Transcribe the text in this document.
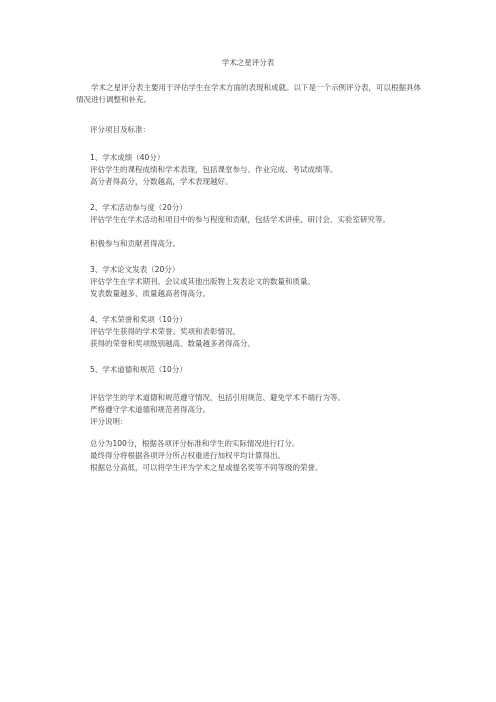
学术之星评分表
学术之星评分表主要用于评估学生在学术方面的表现和成就。以下是一个示例评分表，可以根据具体情况进行调整和补充。
评分项目及标准：
1、学术成绩（40分）
评估学生的课程成绩和学术表现，包括课堂参与、作业完成、考试成绩等。
高分者得高分，分数越高，学术表现越好。
2、学术活动参与度（20分）
评估学生在学术活动和项目中的参与程度和贡献，包括学术讲座、研讨会、实验室研究等。
积极参与和贡献者得高分。
3、学术论文发表（20分）
评估学生在学术期刊、会议或其他出版物上发表论文的数量和质量。
发表数量越多、质量越高者得高分。
4、学术荣誉和奖项（10分）
评估学生获得的学术荣誉、奖项和表彰情况。
获得的荣誉和奖项级别越高、数量越多者得高分。
5、学术道德和规范（10分）
评估学生的学术道德和规范遵守情况，包括引用规范、避免学术不端行为等。
严格遵守学术道德和规范者得高分。
评分说明：
总分为100分，根据各项评分标准和学生的实际情况进行打分。
最终得分将根据各项评分所占权重进行加权平均计算得出。
根据总分高低，可以将学生评为学术之星或提名奖等不同等级的荣誉。
